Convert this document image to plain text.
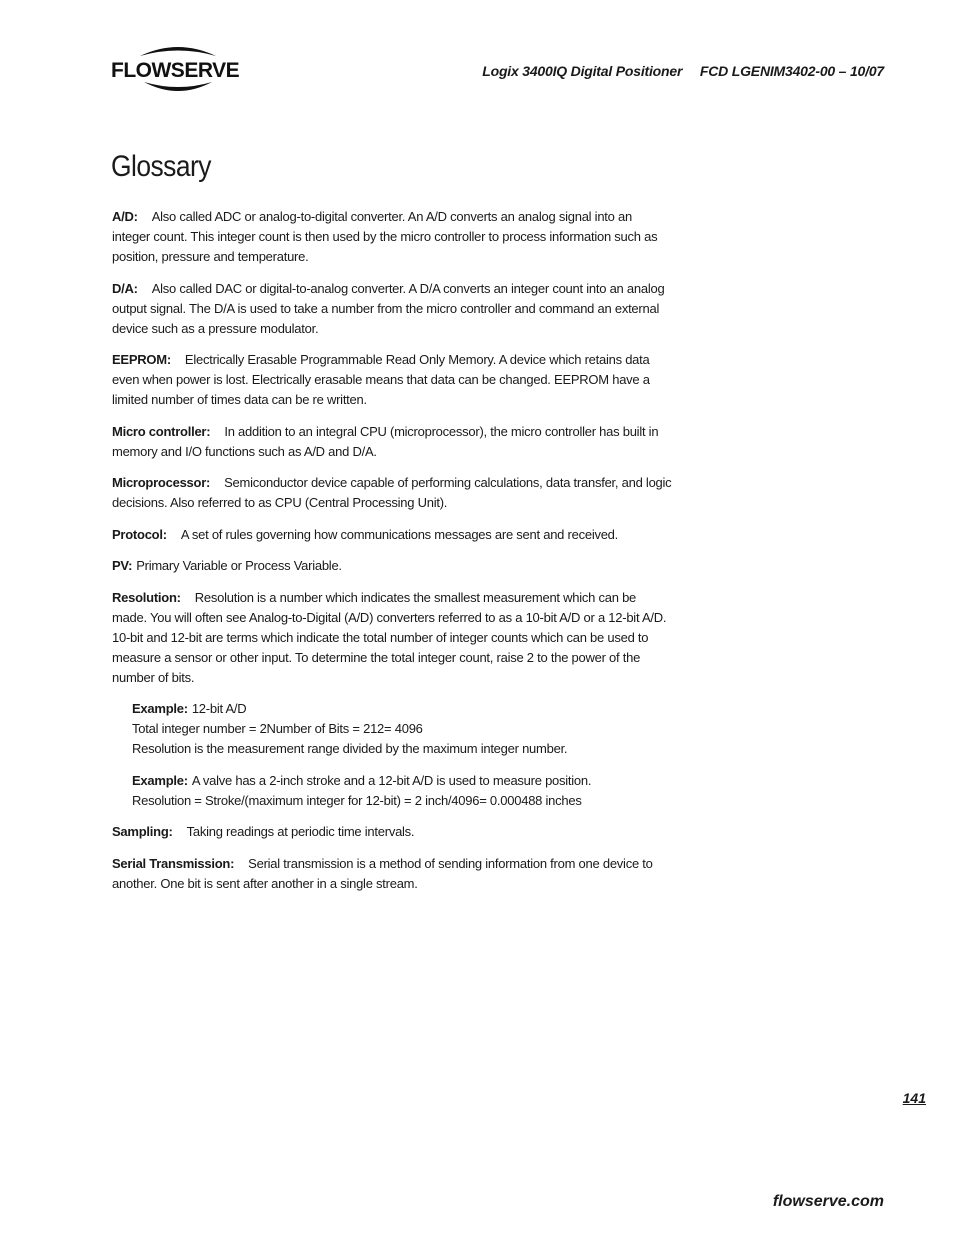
FLOWSERVE	Logix 3400IQ Digital Positioner FCD LGENIM3402-00 – 10/07
Glossary

A/D: Also called ADC or analog-to-digital converter. An A/D converts an analog signal into an integer count. This integer count is then used by the micro controller to process information such as position, pressure and temperature.

D/A: Also called DAC or digital-to-analog converter. A D/A converts an integer count into an analog output signal. The D/A is used to take a number from the micro controller and command an external device such as a pressure modulator.

EEPROM: Electrically Erasable Programmable Read Only Memory. A device which retains data even when power is lost. Electrically erasable means that data can be changed. EEPROM have a limited number of times data can be re written.

Micro controller: In addition to an integral CPU (microprocessor), the micro controller has built in memory and I/O functions such as A/D and D/A.

Microprocessor: Semiconductor device capable of performing calculations, data transfer, and logic decisions. Also referred to as CPU (Central Processing Unit).

Protocol: A set of rules governing how communications messages are sent and received.

PV: Primary Variable or Process Variable.

Resolution: Resolution is a number which indicates the smallest measurement which can be made. You will often see Analog-to-Digital (A/D) converters referred to as a 10-bit A/D or a 12-bit A/D. 10-bit and 12-bit are terms which indicate the total number of integer counts which can be used to measure a sensor or other input. To determine the total integer count, raise 2 to the power of the number of bits.

Example: 12-bit A/D
Total integer number = 2Number of Bits = 212= 4096
Resolution is the measurement range divided by the maximum integer number.
Example: A valve has a 2-inch stroke and a 12-bit A/D is used to measure position.
Resolution = Stroke/(maximum integer for 12-bit) = 2 inch/4096= 0.000488 inches

Sampling: Taking readings at periodic time intervals.

Serial Transmission: Serial transmission is a method of sending information from one device to another. One bit is sent after another in a single stream.

141
flowserve.com
